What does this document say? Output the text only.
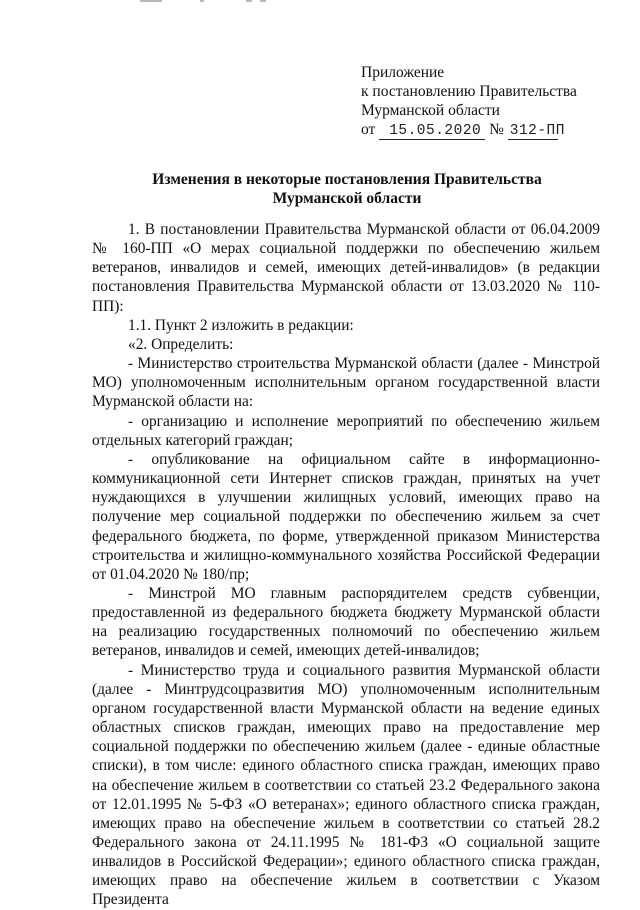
Приложение
к постановлению Правительства
Мурманской области
от 15.05.2020 № 312-ПП
Изменения в некоторые постановления Правительства
Мурманской области

1. В постановлении Правительства Мурманской области от 06.04.2009 № 160-ПП «О мерах социальной поддержки по обеспечению жильем ветеранов, инвалидов и семей, имеющих детей-инвалидов» (в редакции постановления Правительства Мурманской области от 13.03.2020 № 110-ПП):

1.1. Пункт 2 изложить в редакции:

«2. Определить:

- Министерство строительства Мурманской области (далее - Минстрой МО) уполномоченным исполнительным органом государственной власти Мурманской области на:

- организацию и исполнение мероприятий по обеспечению жильем отдельных категорий граждан;

- опубликование на официальном сайте в информационно-коммуникационной сети Интернет списков граждан, принятых на учет нуждающихся в улучшении жилищных условий, имеющих право на получение мер социальной поддержки по обеспечению жильем за счет федерального бюджета, по форме, утвержденной приказом Министерства строительства и жилищно-коммунального хозяйства Российской Федерации от 01.04.2020 № 180/пр;

- Минстрой МО главным распорядителем средств субвенции, предоставленной из федерального бюджета бюджету Мурманской области на реализацию государственных полномочий по обеспечению жильем ветеранов, инвалидов и семей, имеющих детей-инвалидов;

- Министерство труда и социального развития Мурманской области (далее - Минтрудсоцразвития МО) уполномоченным исполнительным органом государственной власти Мурманской области на ведение единых областных списков граждан, имеющих право на предоставление мер социальной поддержки по обеспечению жильем (далее - единые областные списки), в том числе: единого областного списка граждан, имеющих право на обеспечение жильем в соответствии со статьей 23.2 Федерального закона от 12.01.1995 № 5-ФЗ «О ветеранах»; единого областного списка граждан, имеющих право на обеспечение жильем в соответствии со статьей 28.2 Федерального закона от 24.11.1995 № 181-ФЗ «О социальной защите инвалидов в Российской Федерации»; единого областного списка граждан, имеющих право на обеспечение жильем в соответствии с Указом Президента
